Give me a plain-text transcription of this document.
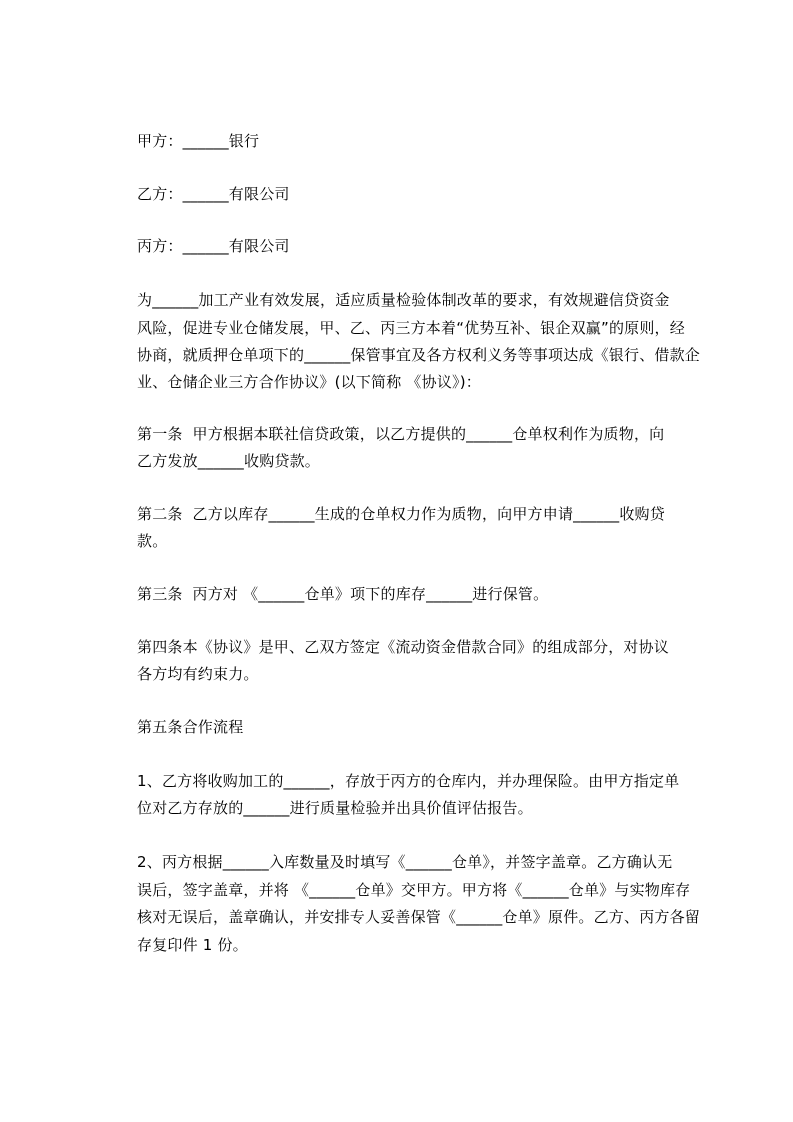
甲方：______银行
乙方：______有限公司
丙方：______有限公司
为______加工产业有效发展，适应质量检验体制改革的要求，有效规避信贷资金
风险，促进专业仓储发展，甲、乙、丙三方本着“优势互补、银企双赢”的原则，经
协商，就质押仓单项下的______保管事宜及各方权利义务等事项达成《银行、借款企
业、仓储企业三方合作协议》(以下简称 《协议》)：
第一条  甲方根据本联社信贷政策，以乙方提供的______仓单权利作为质物，向
乙方发放______收购贷款。
第二条  乙方以库存______生成的仓单权力作为质物，向甲方申请______收购贷
款。
第三条  丙方对 《______仓单》项下的库存______进行保管。
第四条本《协议》是甲、乙双方签定《流动资金借款合同》的组成部分，对协议
各方均有约束力。
第五条合作流程
1、乙方将收购加工的______，存放于丙方的仓库内，并办理保险。由甲方指定单
位对乙方存放的______进行质量检验并出具价值评估报告。
2、丙方根据______入库数量及时填写《______仓单》，并签字盖章。乙方确认无
误后，签字盖章，并将 《______仓单》交甲方。甲方将《______仓单》与实物库存
核对无误后，盖章确认，并安排专人妥善保管《______仓单》原件。乙方、丙方各留
存复印件 1 份。
